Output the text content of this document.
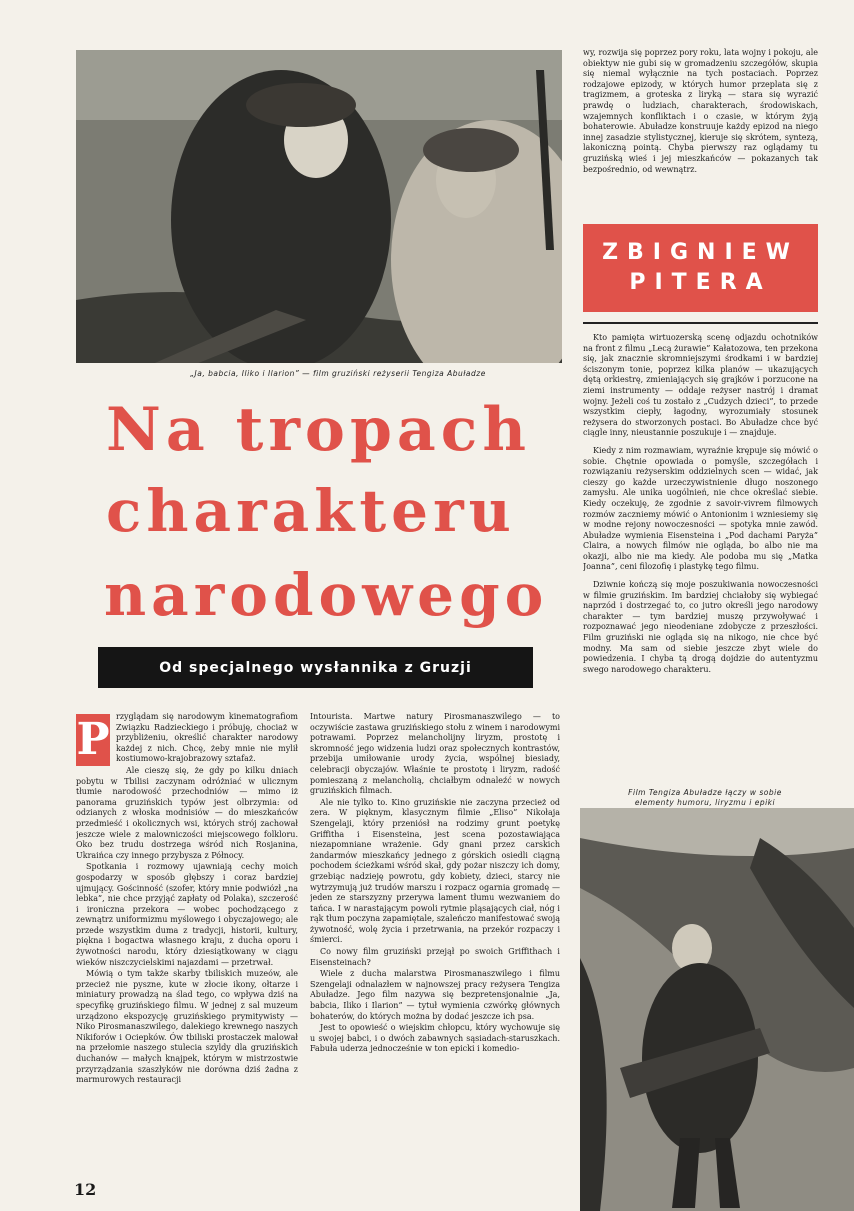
„Ja, babcia, Iliko i Ilarion” — film gruziński reżyserii Tengiza Abuładze
Na tropach
charakteru
narodowego
Od specjalnego wysłannika z Gruzji
P rzyglądam się narodowym kinematografiom Związku Radzieckiego i próbuję, chociaż w przybliżeniu, określić charakter narodowy każdej z nich. Chcę, żeby mnie nie mylił kostiumowo-krajobrazowy sztafaż.

Ale cieszę się, że gdy po kilku dniach pobytu w Tbilisi zaczynam odróżniać w ulicznym tłumie narodowość przechodniów — mimo iż panorama gruzińskich typów jest olbrzymia: od odzianych z włoska modnisiów — do mieszkańców przedmieść i okolicznych wsi, których strój zachował jeszcze wiele z malowniczości miejscowego folkloru. Oko bez trudu dostrzega wśród nich Rosjanina, Ukraińca czy innego przybysza z Północy.

Spotkania i rozmowy ujawniają cechy moich gospodarzy w sposób głębszy i coraz bardziej ujmujący. Gościnność (szofer, który mnie podwiózł „na lebka”, nie chce przyjąć zapłaty od Polaka), szczerość i ironiczna przekora — wobec pochodzącego z zewnątrz uniformizmu myślowego i obyczajowego; ale przede wszystkim duma z tradycji, historii, kultury, piękna i bogactwa własnego kraju, z ducha oporu i żywotności narodu, który dziesiątkowany w ciągu wieków niszczycielskimi najazdami — przetrwał.

Mówią o tym także skarby tbiliskich muzeów, ale przecież nie pyszne, kute w złocie ikony, ołtarze i miniatury prowadzą na ślad tego, co wpływa dziś na specyfikę gruzińskiego filmu. W jednej z sal muzeum urządzono ekspozycję gruzińskiego prymitywisty — Niko Pirosmanaszwilego, dalekiego krewnego naszych Nikiforów i Ociepków. Ów tbiliski prostaczek malował na przełomie naszego stulecia szyldy dla gruzińskich duchanów — małych knajpek, którym w mistrzostwie przyrządzania szaszłyków nie dorówna dziś żadna z marmurowych restauracji

Intourista. Martwe natury Pirosmanaszwilego — to oczywiście zastawa gruzińskiego stołu z winem i narodowymi potrawami. Poprzez melancholijny liryzm, prostotę i skromność jego widzenia ludzi oraz społecznych kontrastów, przebija umiłowanie urody życia, wspólnej biesiady, celebracji obyczajów. Właśnie te prostotę i liryzm, radość pomieszaną z melancholią, chciałbym odnaleźć w nowych gruzińskich filmach.

Ale nie tylko to. Kino gruzińskie nie zaczyna przecież od zera. W pięknym, klasycznym filmie „Eliso” Nikołaja Szengelaji, który przeniósł na rodzimy grunt poetykę Griffitha i Eisensteina, jest scena pozostawiająca niezapomniane wrażenie. Gdy gnani przez carskich żandarmów mieszkańcy jednego z górskich osiedli ciągną pochodem ścieżkami wśród skał, gdy pożar niszczy ich domy, grzebiąc nadzieję powrotu, gdy kobiety, dzieci, starcy nie wytrzymują już trudów marszu i rozpacz ogarnia gromadę — jeden ze starszyzny przerywa lament tłumu wezwaniem do tańca. I w narastającym powoli rytmie pląsających ciał, nóg i rąk tłum poczyna zapamiętale, szaleńczo manifestować swoją żywotność, wolę życia i przetrwania, na przekór rozpaczy i śmierci.

Co nowy film gruziński przejął po swoich Griffithach i Eisensteinach?

Wiele z ducha malarstwa Pirosmanaszwilego i filmu Szengelaji odnalazłem w najnowszej pracy reżysera Tengiza Abuładze. Jego film nazywa się bezpretensjonalnie „Ja, babcia, Iliko i Ilarion” — tytuł wymienia czwórkę głównych bohaterów, do których można by dodać jeszcze ich psa.

Jest to opowieść o wiejskim chłopcu, który wychowuje się u swojej babci, i o dwóch zabawnych sąsiadach-staruszkach. Fabuła uderza jednocześnie w ton epicki i komedio-

wy, rozwija się poprzez pory roku, lata wojny i pokoju, ale obiektyw nie gubi się w gromadzeniu szczegółów, skupia się niemal wyłącznie na tych postaciach. Poprzez rodzajowe epizody, w których humor przeplata się z tragizmem, a groteska z liryką — stara się wyrazić prawdę o ludziach, charakterach, środowiskach, wzajemnych konfliktach i o czasie, w którym żyją bohaterowie. Abuładze konstruuje każdy epizod na niego innej zasadzie stylistycznej, kieruje się skrótem, syntezą, lakoniczną pointą. Chyba pierwszy raz oglądamy tu gruzińską wieś i jej mieszkańców — pokazanych tak bezpośrednio, od wewnątrz.

ZBIGNIEW
PITERA

Kto pamięta wirtuozerską scenę odjazdu ochotników na front z filmu „Lecą żurawie” Kałatozowa, ten przekona się, jak znacznie skromniejszymi środkami i w bardziej ściszonym tonie, poprzez kilka planów — ukazujących dętą orkiestrę, zmieniających się grajków i porzucone na ziemi instrumenty — oddaje reżyser nastrój i dramat wojny. Jeżeli coś tu zostało z „Cudzych dzieci”, to przede wszystkim ciepły, łagodny, wyrozumiały stosunek reżysera do stworzonych postaci. Bo Abuładze chce być ciągle inny, nieustannie poszukuje i — znajduje.

Kiedy z nim rozmawiam, wyraźnie krępuje się mówić o sobie. Chętnie opowiada o pomyśle, szczegółach i rozwiązaniu reżyserskim oddzielnych scen — widać, jak cieszy go każde urzeczywistnienie długo noszonego zamysłu. Ale unika uogólnień, nie chce określać siebie. Kiedy oczekuję, że zgodnie z savoir-vivrem filmowych rozmów zaczniemy mówić o Antonionim i wzniesiemy się w modne rejony nowoczesności — spotyka mnie zawód. Abuładze wymienia Eisensteina i „Pod dachami Paryża” Claira, a nowych filmów nie ogląda, bo albo nie ma okazji, albo nie ma kiedy. Ale podoba mu się „Matka Joanna”, ceni filozofię i plastykę tego filmu.

Dziwnie kończą się moje poszukiwania nowoczesności w filmie gruzińskim. Im bardziej chciałoby się wybiegać naprzód i dostrzegać to, co jutro określi jego narodowy charakter — tym bardziej muszę przywoływać i rozpoznawać jego nieodeniane zdobycze z przeszłości. Film gruziński nie ogląda się na nikogo, nie chce być modny. Ma sam od siebie jeszcze zbyt wiele do powiedzenia. I chyba tą drogą dojdzie do autentyzmu swego narodowego charakteru.

Film Tengiza Abuładze łączy w sobie
elementy humoru, liryzmu i epiki
12
